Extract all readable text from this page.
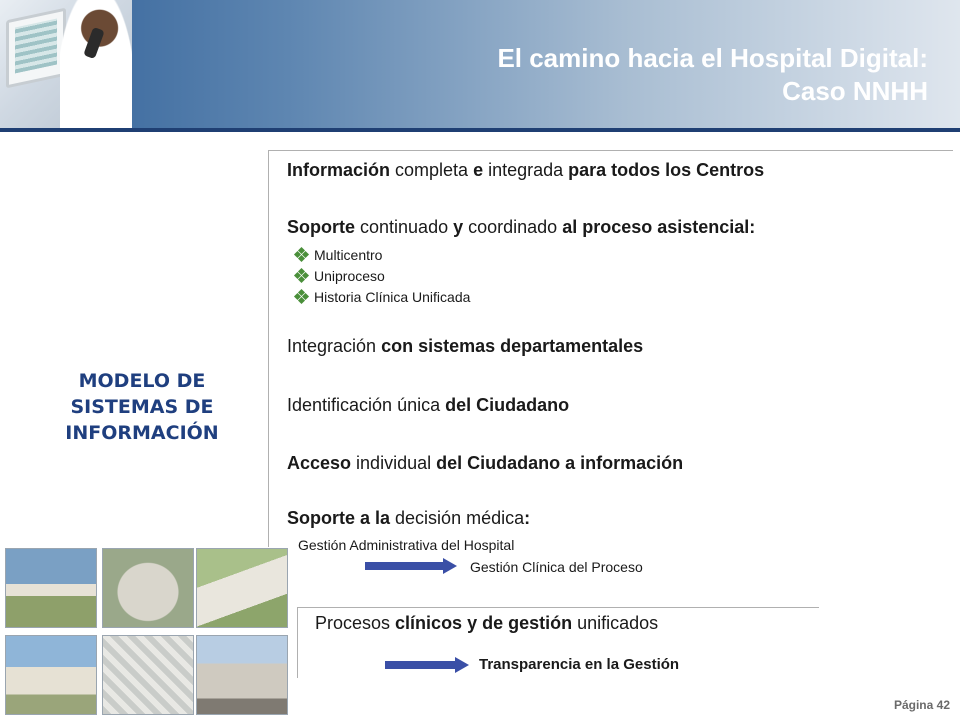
El camino hacia el Hospital Digital:
Caso NNHH
MODELO DE
SISTEMAS DE
INFORMACIÓN
Información completa e integrada para todos los Centros
Soporte continuado y coordinado al proceso asistencial:
Multicentro
Uniproceso
Historia Clínica Unificada
Integración con sistemas departamentales
Identificación única del Ciudadano
Acceso individual del Ciudadano a información
Soporte a la decisión médica:
Gestión Administrativa del Hospital
Gestión Clínica del Proceso
Procesos clínicos y de gestión unificados
Transparencia en la Gestión
Página 42
